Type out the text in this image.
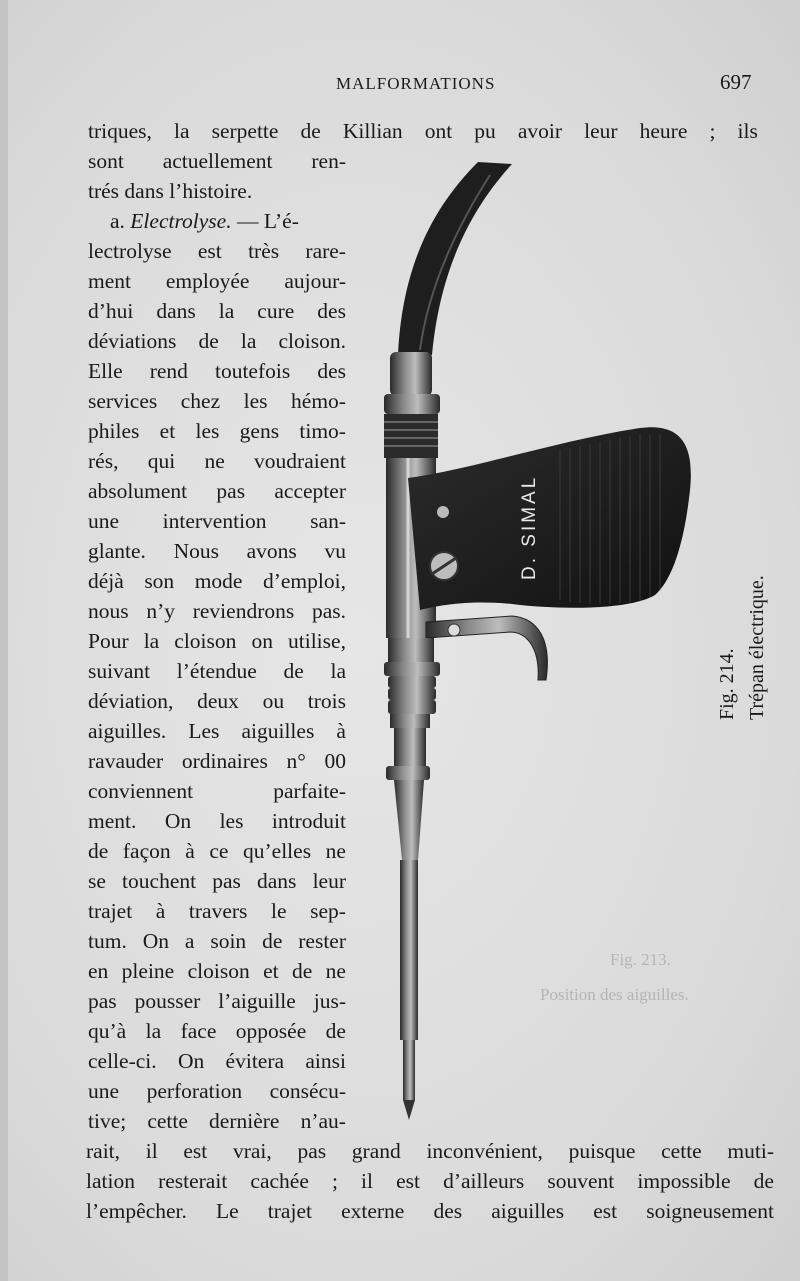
Position des aiguilles.
Fig. 213.
MALFORMATIONS	697
D. SIMAL
triques, la serpette de Killian ont pu avoir leur heure ; ils
sont actuellement ren-
trés dans l’histoire.
a. Electrolyse. — L’é-
lectrolyse est très rare-
ment employée aujour-
d’hui dans la cure des
déviations de la cloison.
Elle rend toutefois des
services chez les hémo-
philes et les gens timo-
rés, qui ne voudraient
absolument pas accepter
une intervention san-
glante. Nous avons vu
déjà son mode d’emploi,
nous n’y reviendrons pas.
Pour la cloison on utilise,
suivant l’étendue de la
déviation, deux ou trois
aiguilles. Les aiguilles à
ravauder ordinaires n° 00
conviennent	parfaite-
ment. On les introduit
de façon à ce qu’elles ne
se touchent pas dans leur
trajet à travers le sep-
tum. On a soin de rester
en pleine cloison et de ne
pas pousser l’aiguille jus-
qu’à la face opposée de
celle-ci. On évitera ainsi
une perforation consécu-
tive; cette dernière n’au-
rait, il est vrai, pas grand inconvénient, puisque cette muti-
lation resterait cachée ; il est d’ailleurs souvent impossible de
l’empêcher. Le trajet externe des aiguilles est soigneusement
Fig. 214. Trépan électrique.
